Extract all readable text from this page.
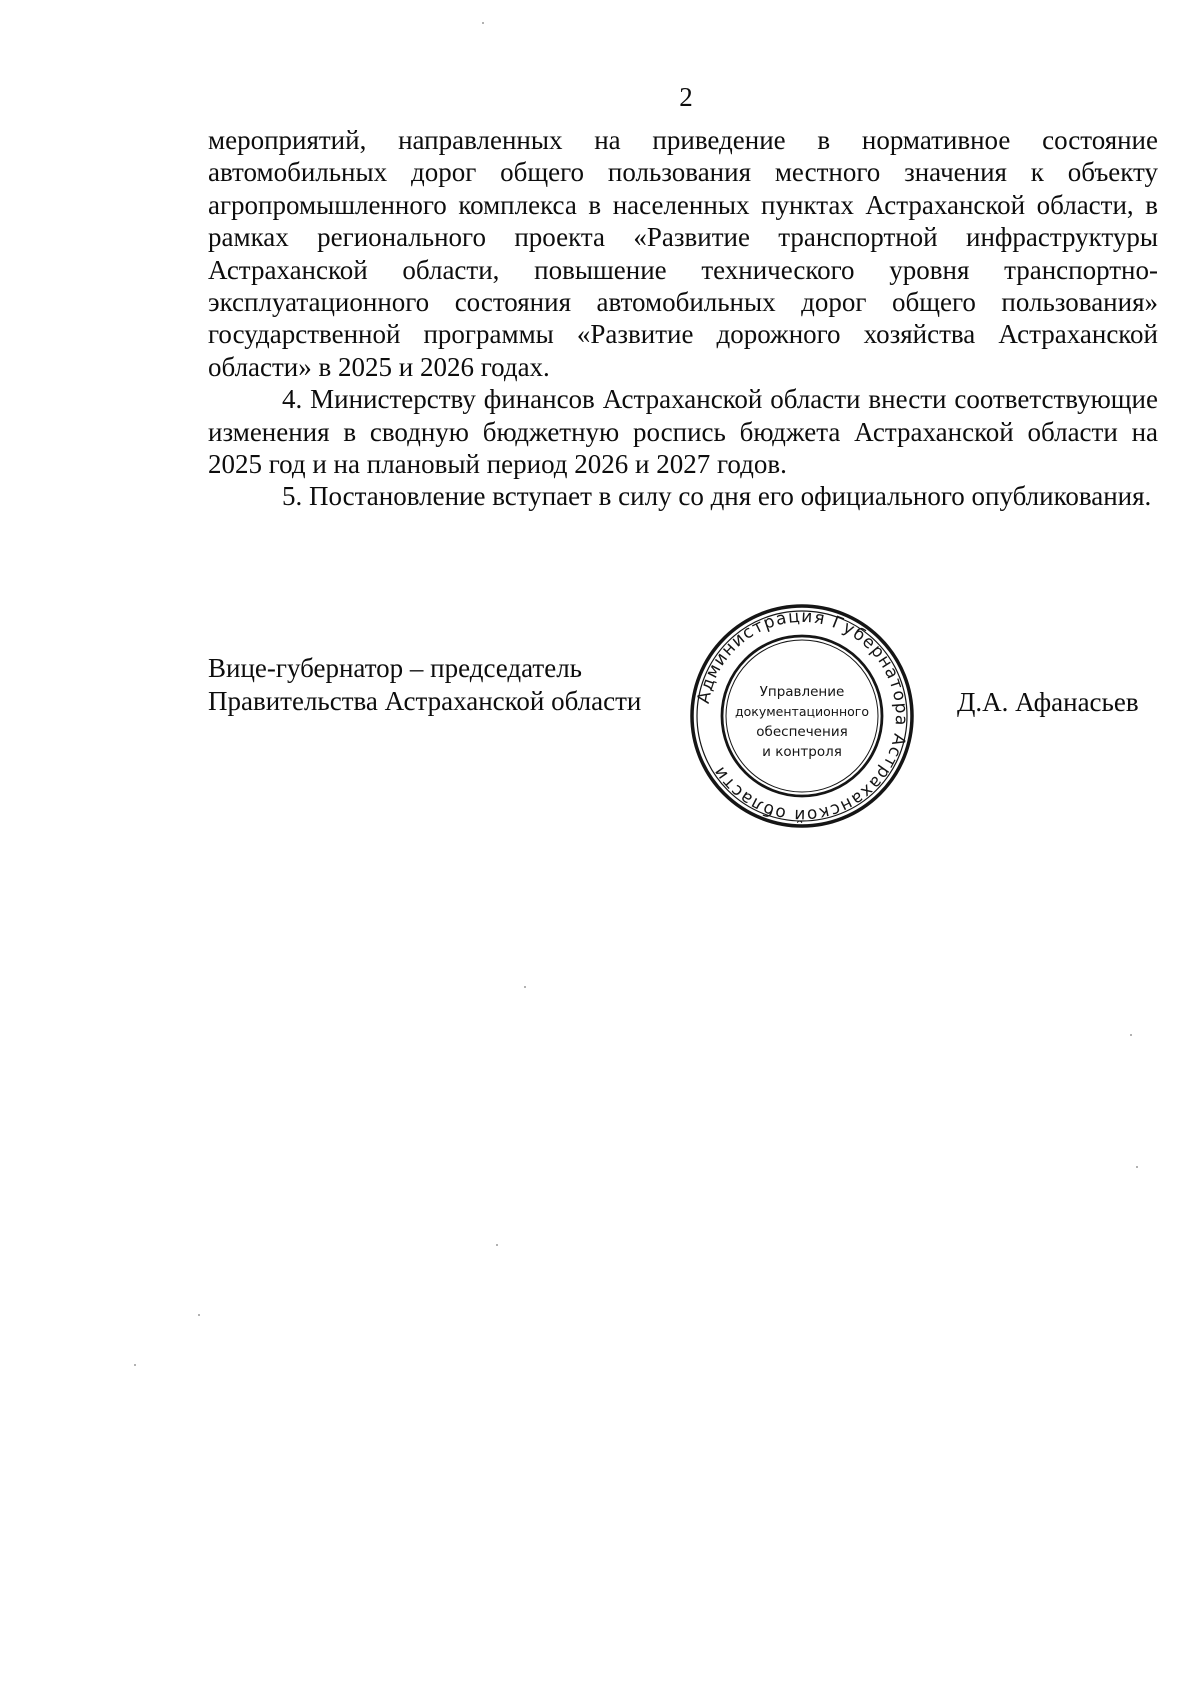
2

мероприятий, направленных на приведение в нормативное состояние автомобильных дорог общего пользования местного значения к объекту агропромышленного комплекса в населенных пунктах Астраханской области, в рамках регионального проекта «Развитие транспортной инфраструктуры Астраханской области, повышение технического уровня транспортно-эксплуатационного состояния автомобильных дорог общего пользования» государственной программы «Развитие дорожного хозяйства Астраханской области» в 2025 и 2026 годах.

4. Министерству финансов Астраханской области внести соответствующие изменения в сводную бюджетную роспись бюджета Астраханской области на 2025 год и на плановый период 2026 и 2027 годов.

5. Постановление вступает в силу со дня его официального опубликования.

Вице-губернатор – председатель
Правительства Астраханской области	Д.А. Афанасьев
Администрация Губернатора Астраханской области
Управление
документационного
обеспечения
и контроля
